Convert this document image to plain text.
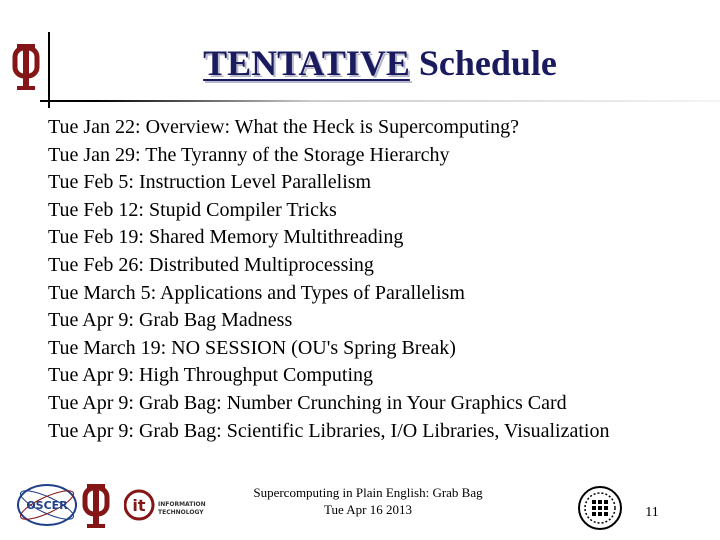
TENTATIVE Schedule
Tue Jan 22: Overview: What the Heck is Supercomputing?
Tue Jan 29: The Tyranny of the Storage Hierarchy
Tue Feb 5: Instruction Level Parallelism
Tue Feb 12: Stupid Compiler Tricks
Tue Feb 19: Shared Memory Multithreading
Tue Feb 26: Distributed Multiprocessing
Tue March 5: Applications and Types of Parallelism
Tue Apr 9: Grab Bag Madness
Tue March 19: NO SESSION (OU's Spring Break)
Tue Apr 9: High Throughput Computing
Tue Apr 9: Grab Bag: Number Crunching in Your Graphics Card
Tue Apr 9: Grab Bag: Scientific Libraries, I/O Libraries, Visualization
OSCER	it INFORMATION
TECHNOLOGY
Supercomputing in Plain English: Grab Bag
Tue Apr 16 2013	11
